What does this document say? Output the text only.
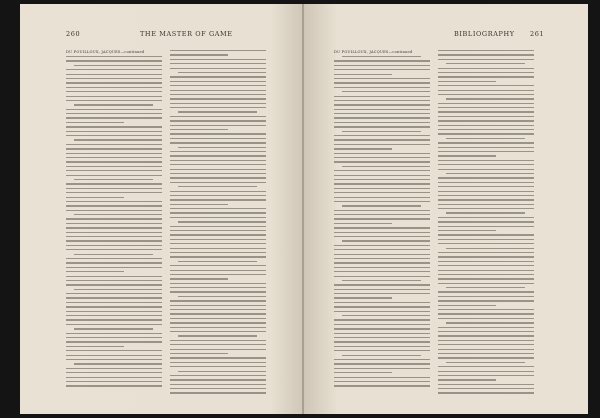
260	THE MASTER OF GAME
DU FOUILLOUX, JACQUES—continued
BIBLIOGRAPHY 261
DU FOUILLOUX, JACQUES—continued
